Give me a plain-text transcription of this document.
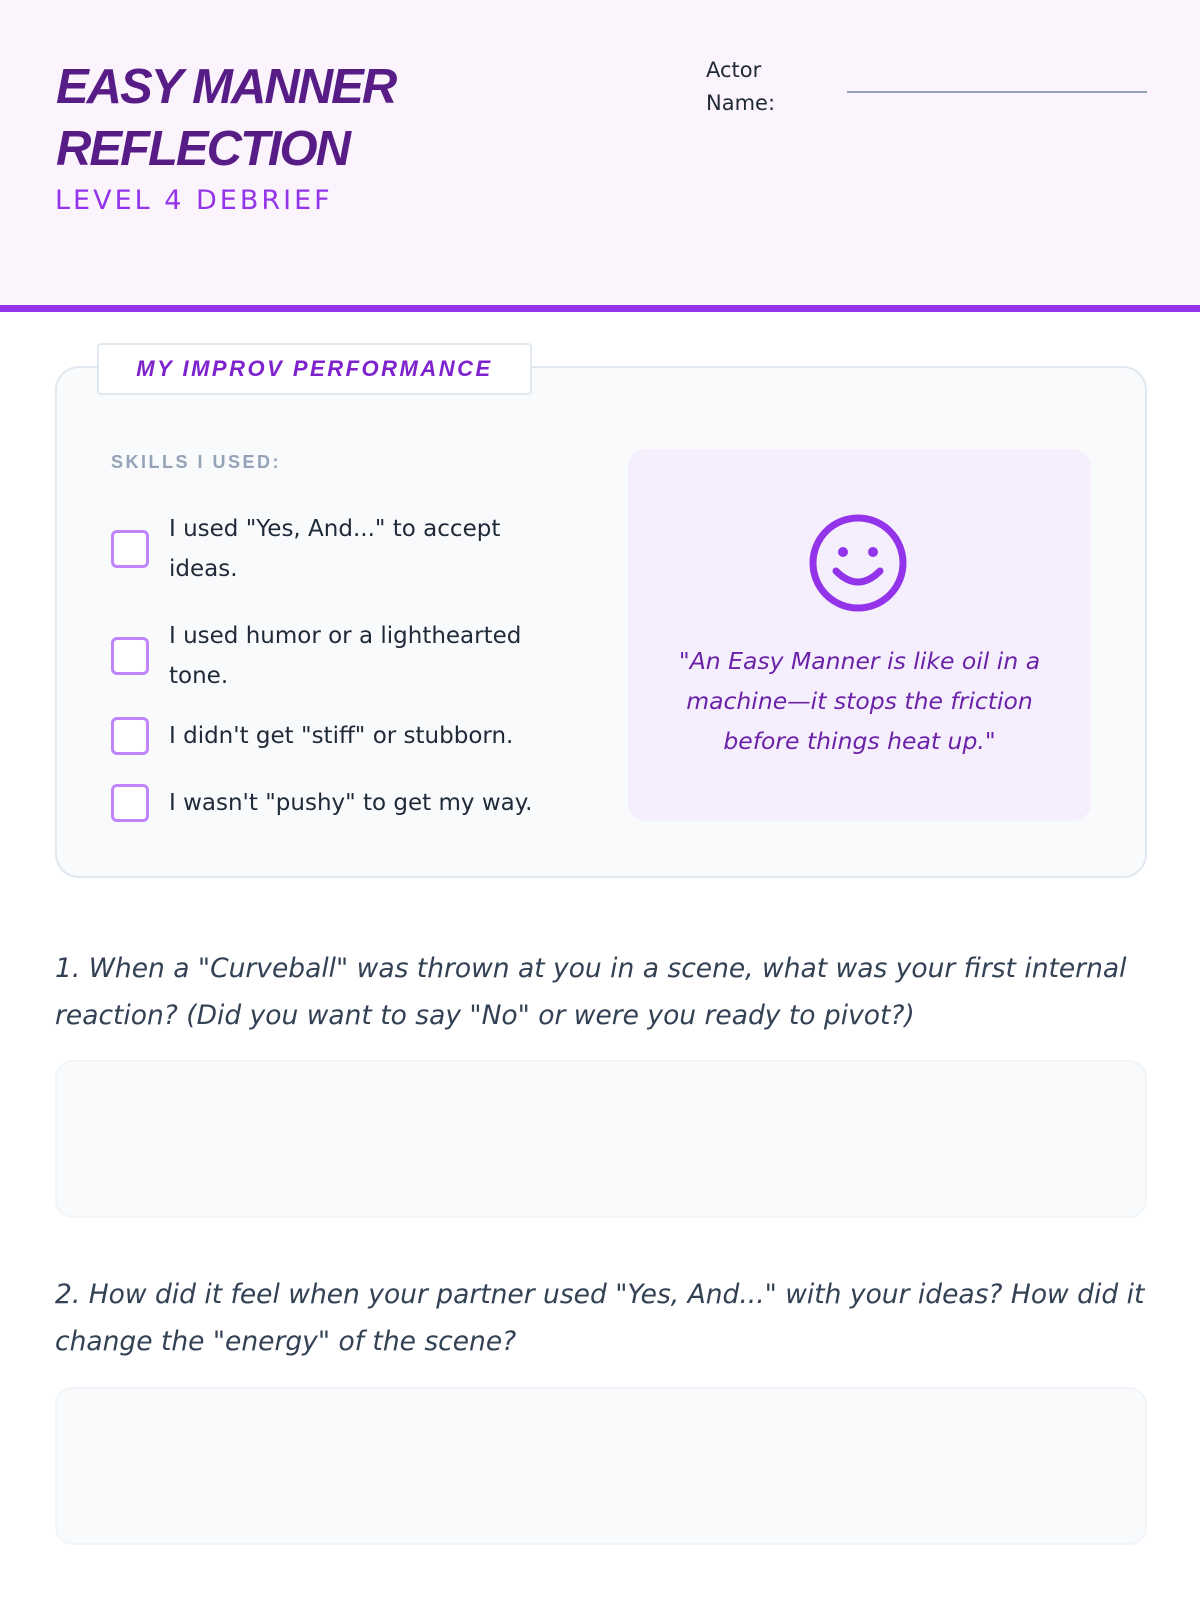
EASY MANNER
REFLECTION
LEVEL 4 DEBRIEF
Actor
Name:
MY IMPROV PERFORMANCE
SKILLS I USED:
I used "Yes, And..." to accept ideas.
I used humor or a lighthearted tone.
I didn't get "stiff" or stubborn.
I wasn't "pushy" to get my way.
"An Easy Manner is like oil in a machine—it stops the friction before things heat up."
1. When a "Curveball" was thrown at you in a scene, what was your first internal reaction? (Did you want to say "No" or were you ready to pivot?)
2. How did it feel when your partner used "Yes, And..." with your ideas? How did it change the "energy" of the scene?
